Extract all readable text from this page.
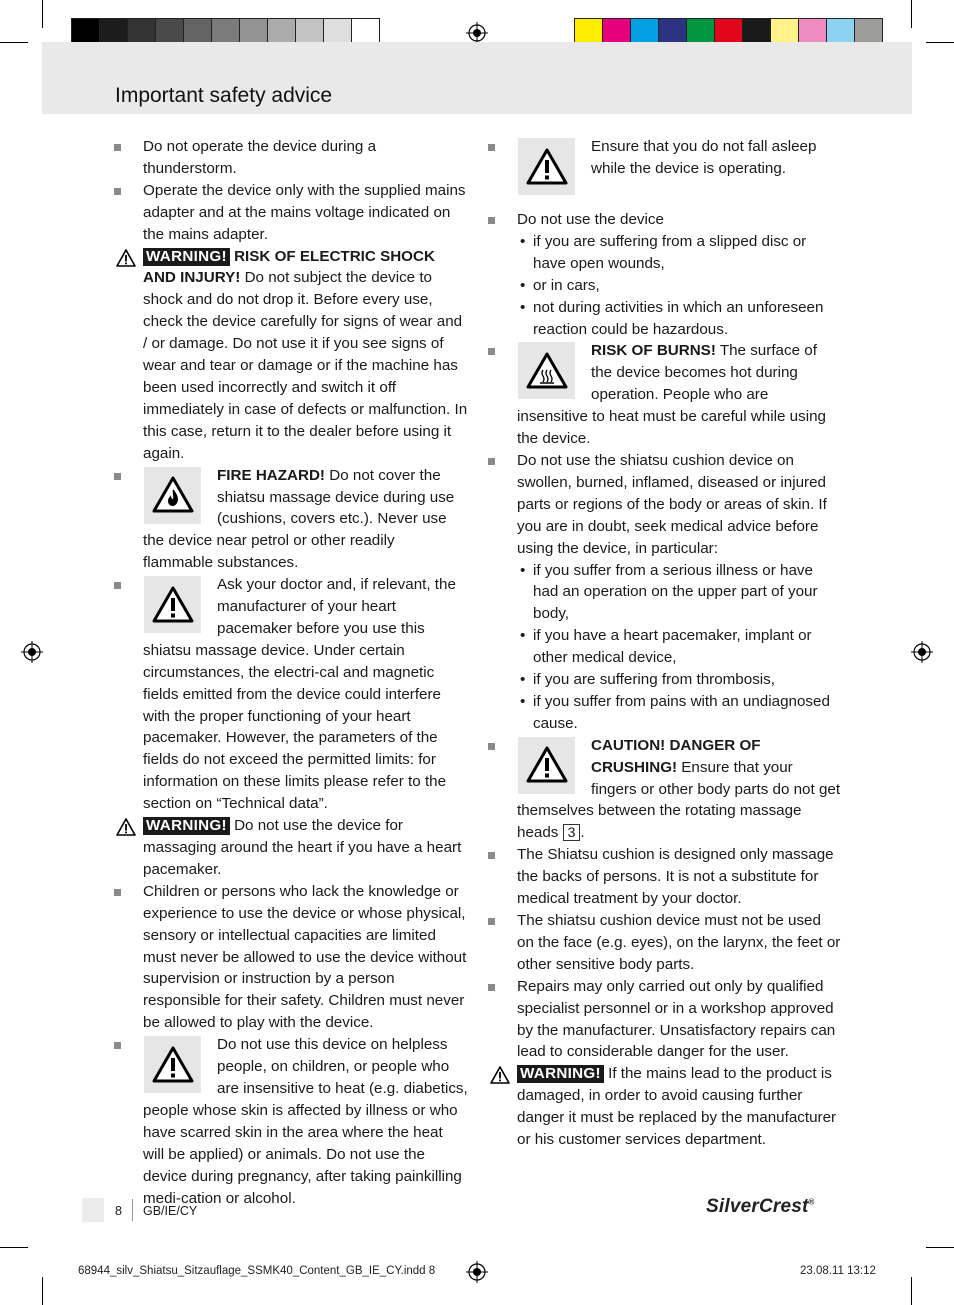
Important safety advice

Do not operate the device during a thunderstorm.

Operate the device only with the supplied mains adapter and at the mains voltage indicated on the mains adapter.

WARNING! RISK OF ELECTRIC SHOCK AND INJURY! Do not subject the device to shock and do not drop it. Before every use, check the device carefully for signs of wear and / or damage. Do not use it if you see signs of wear and tear or damage or if the machine has been used incorrectly and switch it off immediately in case of defects or malfunction. In this case, return it to the dealer before using it again.

FIRE HAZARD! Do not cover the shiatsu massage device during use (cushions, covers etc.). Never use the device near petrol or other readily flammable substances.
Ask your doctor and, if relevant, the manufacturer of your heart pacemaker before you use this shiatsu massage device. Under certain circumstances, the electri-cal and magnetic fields emitted from the device could interfere with the proper functioning of your heart pacemaker. However, the parameters of the fields do not exceed the permitted limits: for information on these limits please refer to the section on “Technical data”.

WARNING! Do not use the device for massaging around the heart if you have a heart pacemaker.

Children or persons who lack the knowledge or experience to use the device or whose physical, sensory or intellectual capacities are limited must never be allowed to use the device without supervision or instruction by a person responsible for their safety. Children must never be allowed to play with the device.

Do not use this device on helpless people, on children, or people who are insensitive to heat (e.g. diabetics, people whose skin is affected by illness or who have scarred skin in the area where the heat will be applied) or animals. Do not use the device during pregnancy, after taking painkilling medi-cation or alcohol.
Ensure that you do not fall asleep while the device is operating.
Do not use the device
• if you are suffering from a slipped disc or have open wounds,
• or in cars,
• not during activities in which an unforeseen reaction could be hazardous.
RISK OF BURNS! The surface of the device becomes hot during operation. People who are insensitive to heat must be careful while using the device.
Do not use the shiatsu cushion device on swollen, burned, inflamed, diseased or injured parts or regions of the body or areas of skin. If you are in doubt, seek medical advice before using the device, in particular:
• if you suffer from a serious illness or have had an operation on the upper part of your body,
• if you have a heart pacemaker, implant or other medical device,
• if you are suffering from thrombosis,
• if you suffer from pains with an undiagnosed cause.
CAUTION! DANGER OF CRUSHING! Ensure that your fingers or other body parts do not get themselves between the rotating massage heads 3 .

The Shiatsu cushion is designed only massage the backs of persons. It is not a substitute for medical treatment by your doctor.

The shiatsu cushion device must not be used on the face (e.g. eyes), on the larynx, the feet or other sensitive body parts.

Repairs may only carried out only by qualified specialist personnel or in a workshop approved by the manufacturer. Unsatisfactory repairs can lead to considerable danger for the user.

WARNING! If the mains lead to the product is damaged, in order to avoid causing further danger it must be replaced by the manufacturer or his customer services department.

8 GB/IE/CY	SilverCrest®
68944_silv_Shiatsu_Sitzauflage_SSMK40_Content_GB_IE_CY.indd 8	23.08.11 13:12
